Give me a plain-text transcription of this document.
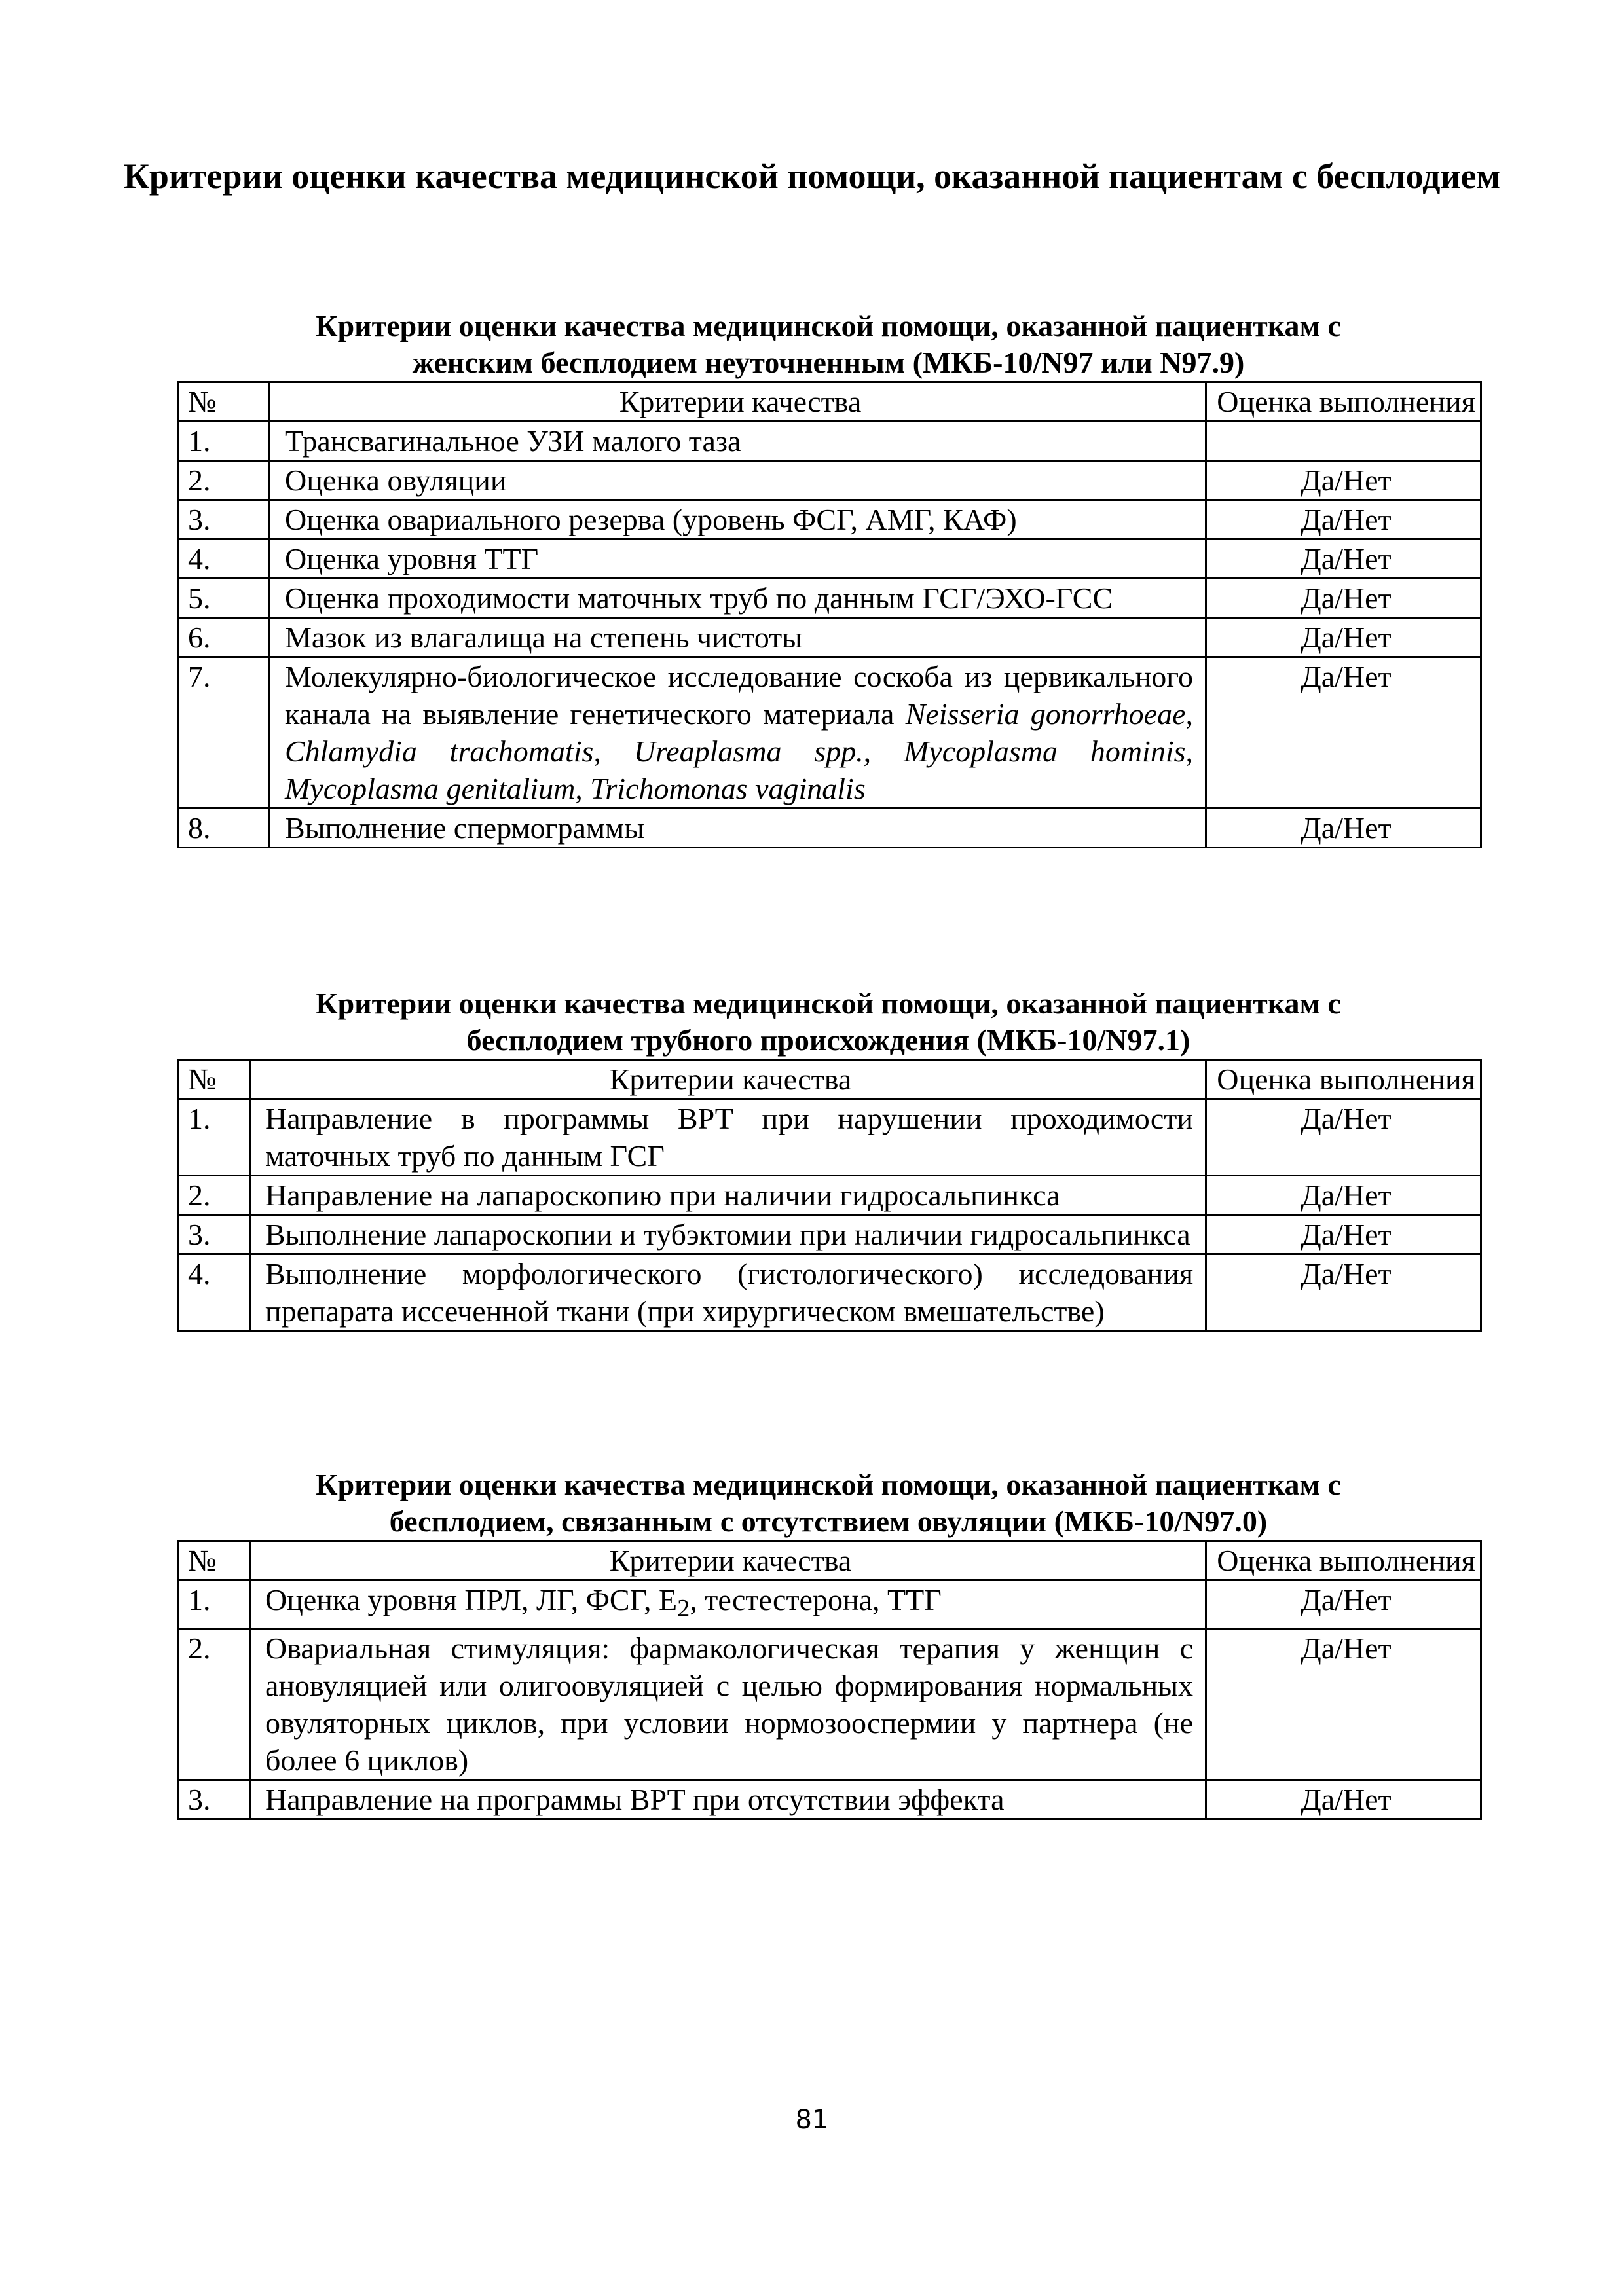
Критерии оценки качества медицинской помощи, оказанной пациентам с бесплодием
Критерии оценки качества медицинской помощи, оказанной пациенткам с
женским бесплодием неуточненным (МКБ-10/N97 или N97.9)
№	Критерии качества	Оценка выполнения
1.	Трансвагинальное УЗИ малого таза	
2.	Оценка овуляции	Да/Нет
3.	Оценка овариального резерва (уровень ФСГ, АМГ, КАФ)	Да/Нет
4.	Оценка уровня ТТГ	Да/Нет
5.	Оценка проходимости маточных труб по данным ГСГ/ЭХО-ГСС	Да/Нет
6.	Мазок из влагалища на степень чистоты	Да/Нет
7.	Молекулярно-биологическое исследование соскоба из цервикального канала на выявление генетического материала Neisseria gonorrhoeae, Chlamydia trachomatis, Ureaplasma spp., Mycoplasma hominis, Mycoplasma genitalium, Trichomonas vaginalis	Да/Нет
8.	Выполнение спермограммы	Да/Нет
Критерии оценки качества медицинской помощи, оказанной пациенткам с
бесплодием трубного происхождения (МКБ-10/N97.1)
№	Критерии качества	Оценка выполнения
1.	Направление в программы ВРТ при нарушении проходимости маточных труб по данным ГСГ	Да/Нет
2.	Направление на лапароскопию при наличии гидросальпинкса	Да/Нет
3.	Выполнение лапароскопии и тубэктомии при наличии гидросальпинкса	Да/Нет
4.	Выполнение морфологического (гистологического) исследования препарата иссеченной ткани (при хирургическом вмешательстве)	Да/Нет
Критерии оценки качества медицинской помощи, оказанной пациенткам с
бесплодием, связанным с отсутствием овуляции (МКБ-10/N97.0)
№	Критерии качества	Оценка выполнения
1.	Оценка уровня ПРЛ, ЛГ, ФСГ, $E_2$, тестестерона, ТТГ	Да/Нет
2.	Овариальная стимуляция: фармакологическая терапия у женщин с ановуляцией или олигоовуляцией с целью формирования нормальных овуляторных циклов, при условии нормозооспермии у партнера (не более 6 циклов)	Да/Нет
3.	Направление на программы ВРТ при отсутствии эффекта	Да/Нет
81
